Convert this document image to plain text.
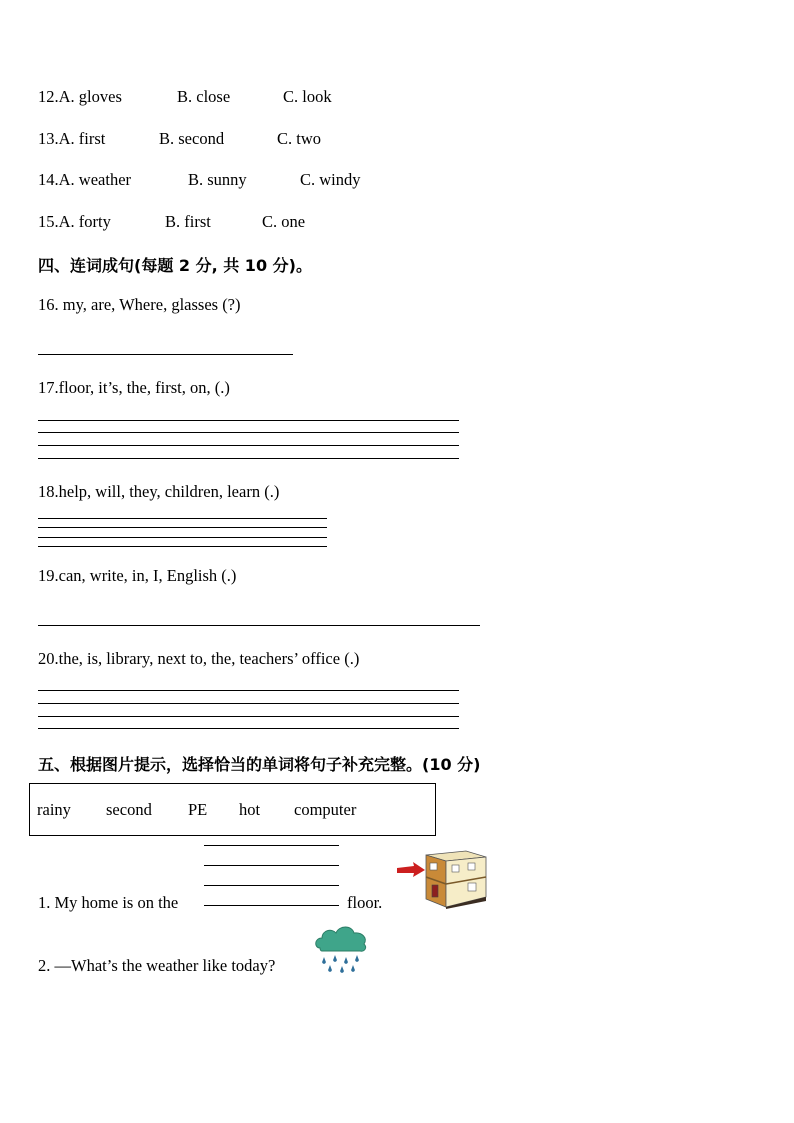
12.A. gloves	B. close	C. look
13.A. first	B. second	C. two
14.A. weather	B. sunny	C. windy
15.A. forty	B. first	C. one
四、连词成句(每题 2 分, 共 10 分)。
16. my, are, Where, glasses (?)
17.floor, it’s, the, first, on, (.)
18.help, will, they, children, learn (.)
19.can, write, in, I, English (.)
20.the, is, library, next to, the, teachers’ office (.)
五、根据图片提示，选择恰当的单词将句子补充完整。(10 分)
rainy second PE hot computer
1. My home is on the	floor.
2. —What’s the weather like today?
